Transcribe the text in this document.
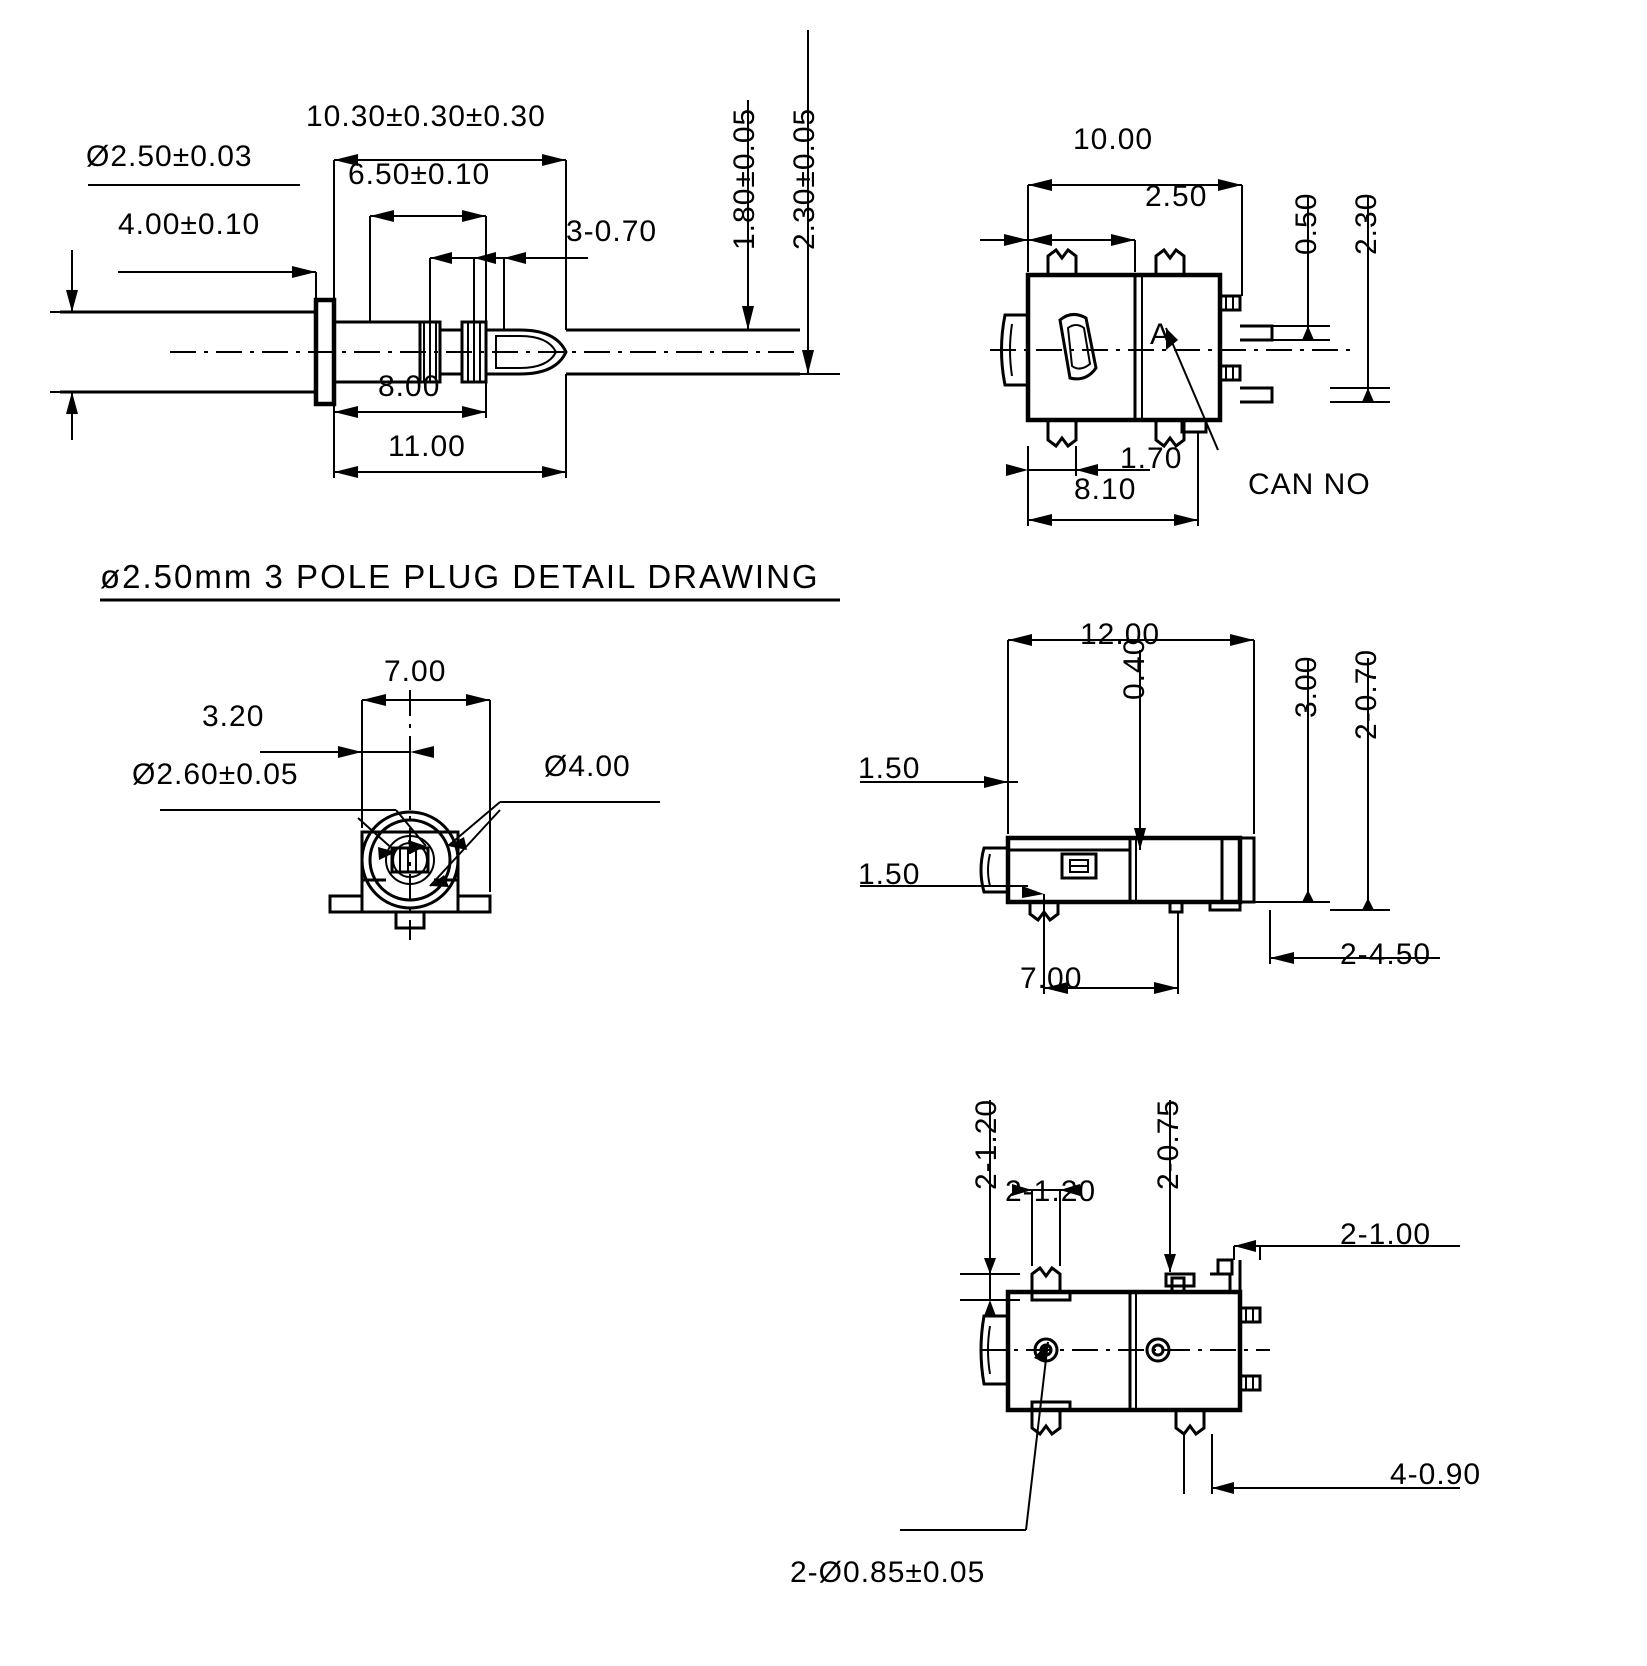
Ø2.50±0.03
4.00±0.10
10.30±0.30±0.30
6.50±0.10
3-0.70 1.80±0.05 2.30±0.05
8.00
11.00
ø2.50mm 3 POLE PLUG DETAIL DRAWING
10.00
2.50	0.50 2.30
1.70
8.10
A
CAN NO
7.00
3.20
Ø2.60±0.05	Ø4.00
12.00
0.40	3.00 2-0.70
1.50
1.50
7.00
2-4.50
2-1.20
2-1.20
2-0.75
2-1.00
4-0.90
2-Ø0.85±0.05
